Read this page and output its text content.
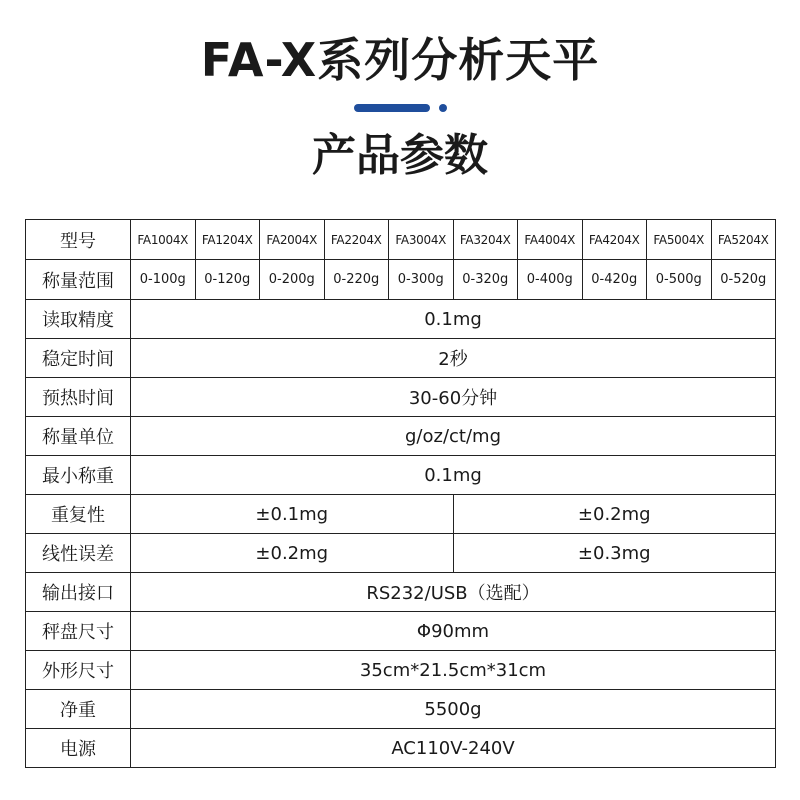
FA-X系列分析天平
产品参数
型号	FA1004X	FA1204X	FA2004X	FA2204X	FA3004X	FA3204X	FA4004X	FA4204X	FA5004X	FA5204X
称量范围	0-100g	0-120g	0-200g	0-220g	0-300g	0-320g	0-400g	0-420g	0-500g	0-520g
读取精度	0.1mg									
稳定时间	2秒									
预热时间	30-60分钟									
称量单位	g/oz/ct/mg									
最小称重	0.1mg									
重复性	±0.1mg					±0.2mg				
线性误差	±0.2mg					±0.3mg				
输出接口	RS232/USB（选配）									
秤盘尺寸	Φ90mm									
外形尺寸	35cm*21.5cm*31cm									
净重	5500g									
电源	AC110V-240V									
